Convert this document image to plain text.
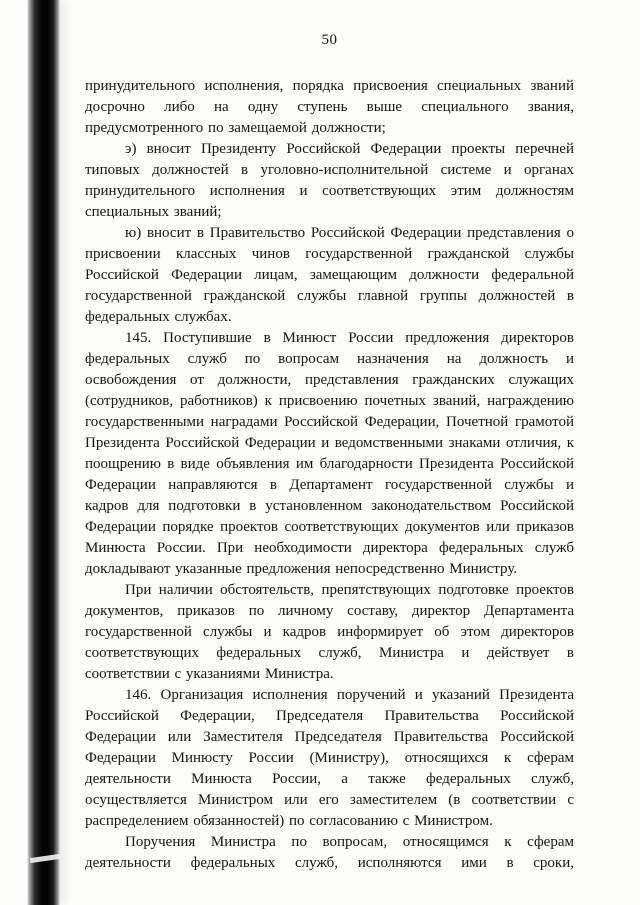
50

принудительного исполнения, порядка присвоения специальных званий досрочно либо на одну ступень выше специального звания, предусмотренного по замещаемой должности;

э) вносит Президенту Российской Федерации проекты перечней типовых должностей в уголовно-исполнительной системе и органах принудительного исполнения и соответствующих этим должностям специальных званий;

ю) вносит в Правительство Российской Федерации представления о присвоении классных чинов государственной гражданской службы Российской Федерации лицам, замещающим должности федеральной государственной гражданской службы главной группы должностей в федеральных службах.

145. Поступившие в Минюст России предложения директоров федеральных служб по вопросам назначения на должность и освобождения от должности, представления гражданских служащих (сотрудников, работников) к присвоению почетных званий, награждению государственными наградами Российской Федерации, Почетной грамотой Президента Российской Федерации и ведомственными знаками отличия, к поощрению в виде объявления им благодарности Президента Российской Федерации направляются в Департамент государственной службы и кадров для подготовки в установленном законодательством Российской Федерации порядке проектов соответствующих документов или приказов Минюста России. При необходимости директора федеральных служб докладывают указанные предложения непосредственно Министру.

При наличии обстоятельств, препятствующих подготовке проектов документов, приказов по личному составу, директор Департамента государственной службы и кадров информирует об этом директоров соответствующих федеральных служб, Министра и действует в соответствии с указаниями Министра.

146. Организация исполнения поручений и указаний Президента Российской Федерации, Председателя Правительства Российской Федерации или Заместителя Председателя Правительства Российской Федерации Минюсту России (Министру), относящихся к сферам деятельности Минюста России, а также федеральных служб, осуществляется Министром или его заместителем (в соответствии с распределением обязанностей) по согласованию с Министром.

Поручения Министра по вопросам, относящимся к сферам деятельности федеральных служб, исполняются ими в сроки,
